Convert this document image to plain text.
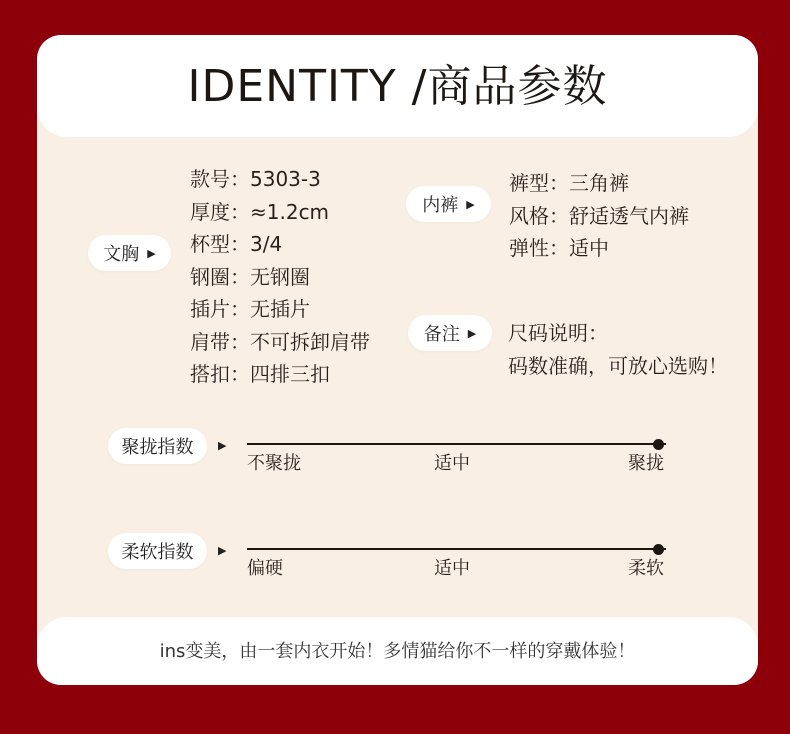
IDENTITY /商品参数
文胸 ▶
款号：5303-3
厚度：≈1.2cm
杯型：3/4
钢圈：无钢圈
插片：无插片
肩带：不可拆卸肩带
搭扣：四排三扣
内裤 ▶
裤型：三角裤
风格：舒适透气内裤
弹性：适中
备注 ▶ 尺码说明：
码数准确，可放心选购！
聚拢指数 ▶
不聚拢	适中	聚拢
柔软指数 ▶
偏硬	适中	柔软
ins变美，由一套内衣开始！多情猫给你不一样的穿戴体验！
